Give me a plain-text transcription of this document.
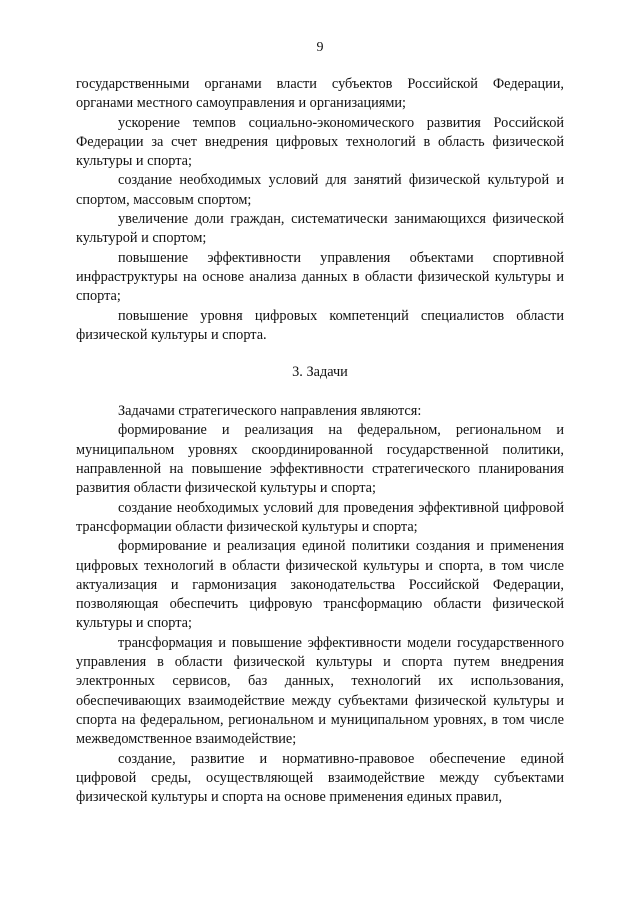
9

государственными органами власти субъектов Российской Федерации, органами местного самоуправления и организациями;

ускорение темпов социально-экономического развития Российской Федерации за счет внедрения цифровых технологий в область физической культуры и спорта;

создание необходимых условий для занятий физической культурой и спортом, массовым спортом;

увеличение доли граждан, систематически занимающихся физической культурой и спортом;

повышение эффективности управления объектами спортивной инфраструктуры на основе анализа данных в области физической культуры и спорта;

повышение уровня цифровых компетенций специалистов области физической культуры и спорта.

3. Задачи

Задачами стратегического направления являются:

формирование и реализация на федеральном, региональном и муниципальном уровнях скоординированной государственной политики, направленной на повышение эффективности стратегического планирования развития области физической культуры и спорта;

создание необходимых условий для проведения эффективной цифровой трансформации области физической культуры и спорта;

формирование и реализация единой политики создания и применения цифровых технологий в области физической культуры и спорта, в том числе актуализация и гармонизация законодательства Российской Федерации, позволяющая обеспечить цифровую трансформацию области физической культуры и спорта;

трансформация и повышение эффективности модели государственного управления в области физической культуры и спорта путем внедрения электронных сервисов, баз данных, технологий их использования, обеспечивающих взаимодействие между субъектами физической культуры и спорта на федеральном, региональном и муниципальном уровнях, в том числе межведомственное взаимодействие;

создание, развитие и нормативно-правовое обеспечение единой цифровой среды, осуществляющей взаимодействие между субъектами физической культуры и спорта на основе применения единых правил,
